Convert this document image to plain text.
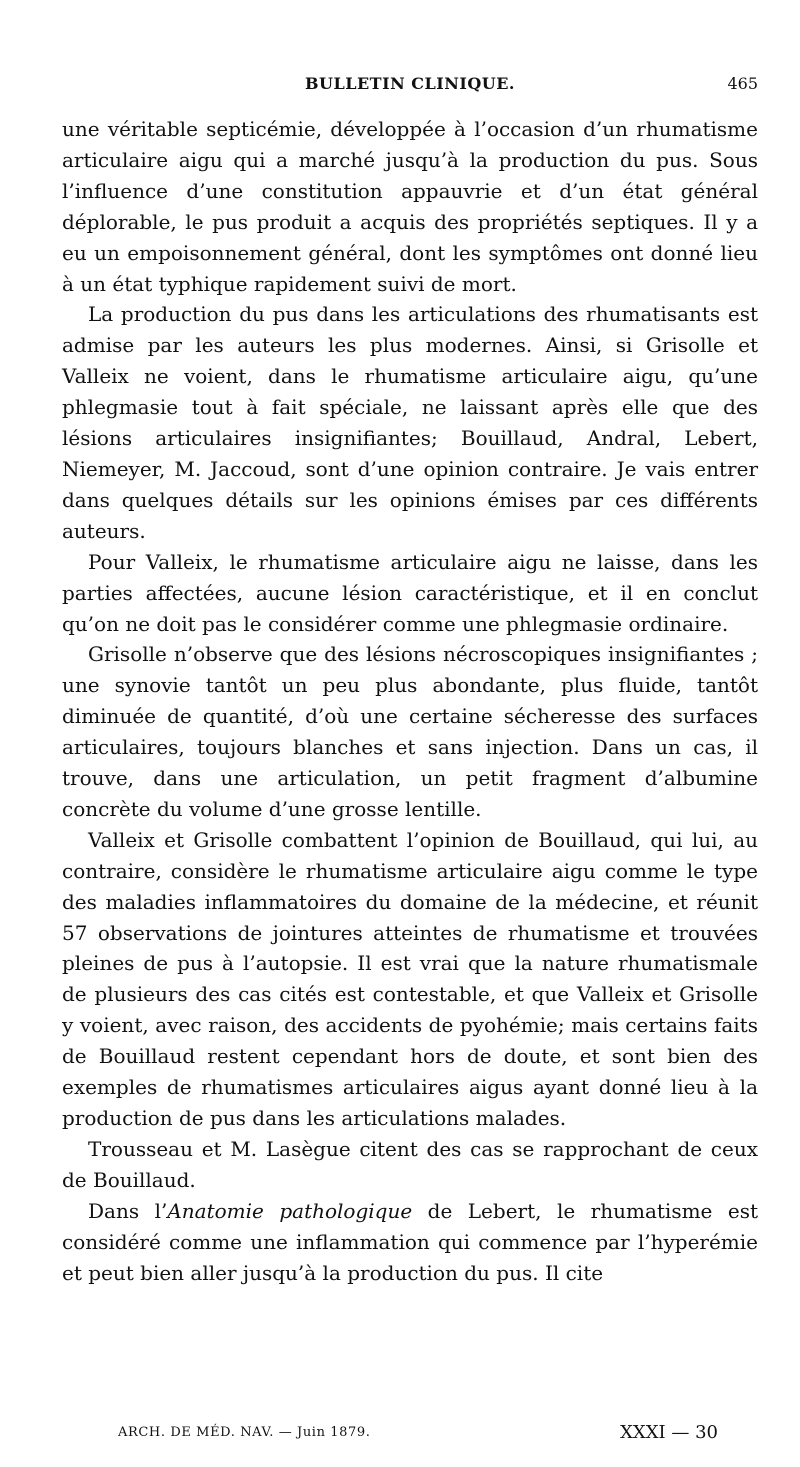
BULLETIN CLINIQUE.	465

une véritable septicémie, développée à l’occasion d’un rhumatisme articulaire aigu qui a marché jusqu’à la production du pus. Sous l’influence d’une constitution appauvrie et d’un état général déplorable, le pus produit a acquis des propriétés septiques. Il y a eu un empoisonnement général, dont les symptômes ont donné lieu à un état typhique rapidement suivi de mort.

La production du pus dans les articulations des rhumatisants est admise par les auteurs les plus modernes. Ainsi, si Grisolle et Valleix ne voient, dans le rhumatisme articulaire aigu, qu’une phlegmasie tout à fait spéciale, ne laissant après elle que des lésions articulaires insignifiantes; Bouillaud, Andral, Lebert, Niemeyer, M. Jaccoud, sont d’une opinion contraire. Je vais entrer dans quelques détails sur les opinions émises par ces différents auteurs.

Pour Valleix, le rhumatisme articulaire aigu ne laisse, dans les parties affectées, aucune lésion caractéristique, et il en conclut qu’on ne doit pas le considérer comme une phlegmasie ordinaire.

Grisolle n’observe que des lésions nécroscopiques insignifiantes ; une synovie tantôt un peu plus abondante, plus fluide, tantôt diminuée de quantité, d’où une certaine sécheresse des surfaces articulaires, toujours blanches et sans injection. Dans un cas, il trouve, dans une articulation, un petit fragment d’albumine concrète du volume d’une grosse lentille.

Valleix et Grisolle combattent l’opinion de Bouillaud, qui lui, au contraire, considère le rhumatisme articulaire aigu comme le type des maladies inflammatoires du domaine de la médecine, et réunit 57 observations de jointures atteintes de rhumatisme et trouvées pleines de pus à l’autopsie. Il est vrai que la nature rhumatismale de plusieurs des cas cités est contestable, et que Valleix et Grisolle y voient, avec raison, des accidents de pyohémie; mais certains faits de Bouillaud restent cependant hors de doute, et sont bien des exemples de rhumatismes articulaires aigus ayant donné lieu à la production de pus dans les articulations malades.

Trousseau et M. Lasègue citent des cas se rapprochant de ceux de Bouillaud.

Dans l’Anatomie pathologique de Lebert, le rhumatisme est considéré comme une inflammation qui commence par l’hyperémie et peut bien aller jusqu’à la production du pus. Il cite

ARCH. DE MÉD. NAV. — Juin 1879.	XXXI — 30
